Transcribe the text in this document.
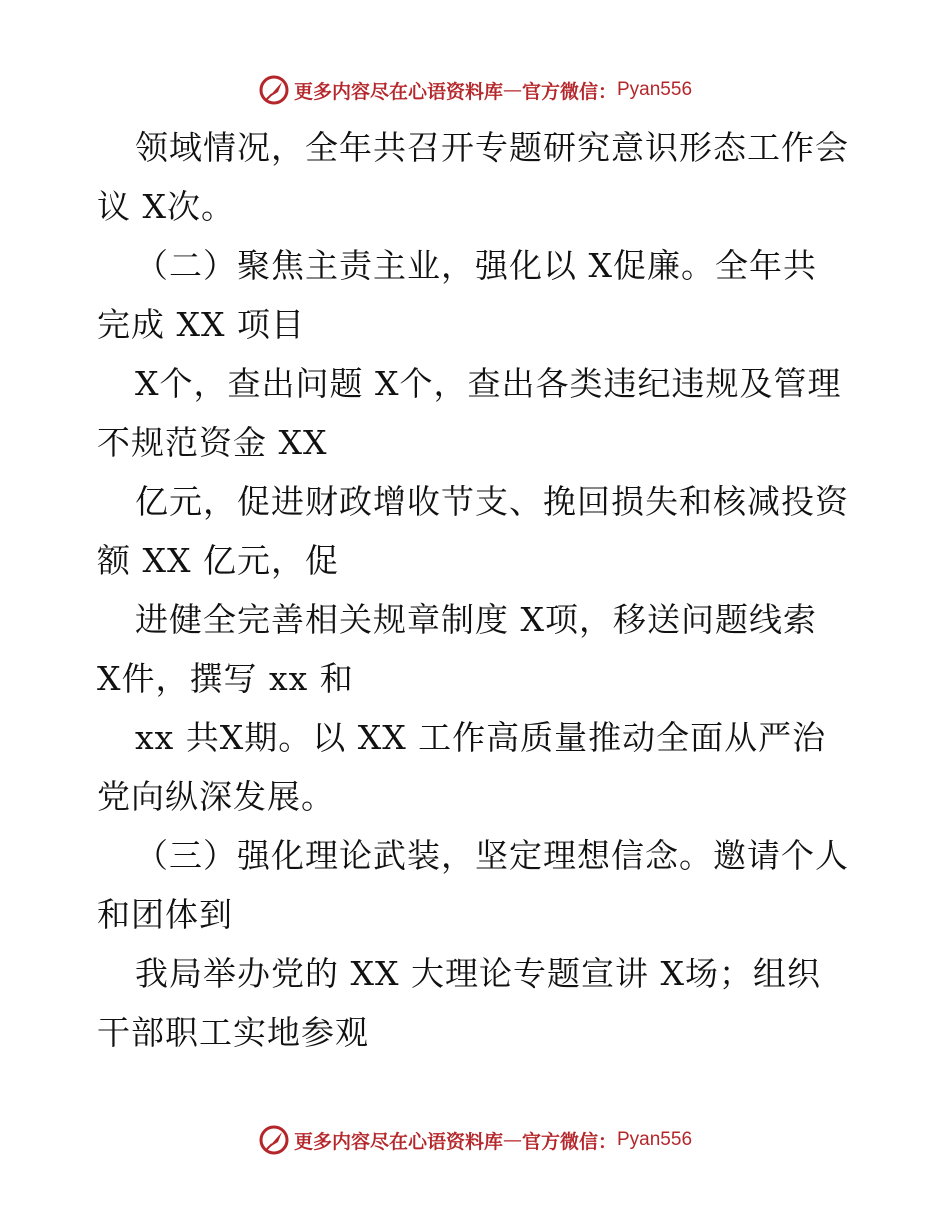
更多内容尽在心语资料库 — 官方微信： Pyan556
领域情况，全年共召开专题研究意识形态工作会
议 X次。
（二）聚焦主责主业，强化以 X促廉。全年共
完成 XX 项目
X个，查出问题 X个，查出各类违纪违规及管理
不规范资金 XX
亿元，促进财政增收节支、挽回损失和核减投资
额 XX 亿元，促
进健全完善相关规章制度 X项，移送问题线索
X件，撰写 xx 和
xx 共X期。以 XX 工作高质量推动全面从严治
党向纵深发展。
（三）强化理论武装，坚定理想信念。邀请个人
和团体到
我局举办党的 XX 大理论专题宣讲 X场；组织
干部职工实地参观
更多内容尽在心语资料库 — 官方微信： Pyan556
